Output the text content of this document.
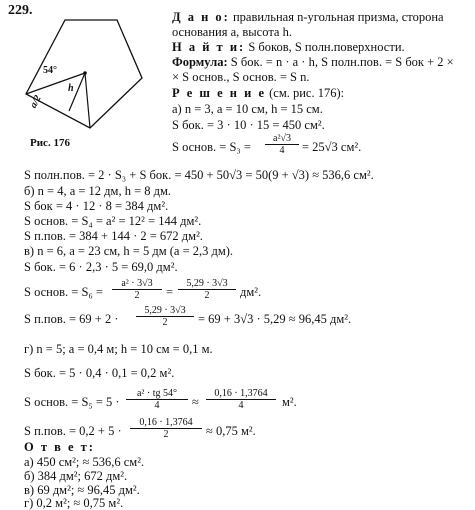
229.
54°
h
a/2
Рис. 176
Д а н о: правильная n-угольная призма, сторона
основания a, высота h.
Н а й т и: S боков, S полн.поверхности.
Формула: S бок. = n · a · h, S полн.пов. = S бок + 2 ×
× S основ., S основ. = S n.
Р е ш е н и е (см. рис. 176):
а) n = 3, a = 10 см, h = 15 см.
S бок. = 3 · 10 · 15 = 450 см².
S основ. = $S_3 = \frac{\text{a²√3}}{4} = 25√3$ см².
S полн.пов. = 2 · S₃ + S бок. = 450 + 50√3 = 50(9 + √3) ≈ 536,6 см².
б) n = 4, a = 12 дм, h = 8 дм.
S бок = 4 · 12 · 8 = 384 дм².
S основ. = S₄ = a² = 12² = 144 дм².
S п.пов. = 384 + 144 · 2 = 672 дм².
в) n = 6, a = 23 см, h = 5 дм (a = 2,3 дм).
S бок. = 6 · 2,3 · 5 = 69,0 дм².
S основ. = $S_6 = \frac{\text{a² · 3√3}}{2} = \frac{5,29 \cdot 3√3}{2} дм^2$.
S п.пов. = $69 + 2 \cdot \frac{5,29 \cdot 3√3}{2} = 69 + 3√3 \cdot 5,29 \approx 96,45$ дм².
г) n = 5; a = 0,4 м; h = 10 см = 0,1 м.
S бок. = 5 · 0,4 · 0,1 = 0,2 м².
S основ. = $S_5 = 5 \cdot \frac{\text{a² · tg 54°}}{4} \approx \frac{0,16 \cdot 1,3764}{4} м^2$.
S п.пов. = $0,2 + 5 \cdot \frac{0,16 \cdot 1,3764}{2} \approx 0,75$ м².
О т в е т:
а) 450 см²; ≈ 536,6 см².
б) 384 дм²; 672 дм².
в) 69 дм²; ≈ 96,45 дм².
г) 0,2 м²; ≈ 0,75 м².
